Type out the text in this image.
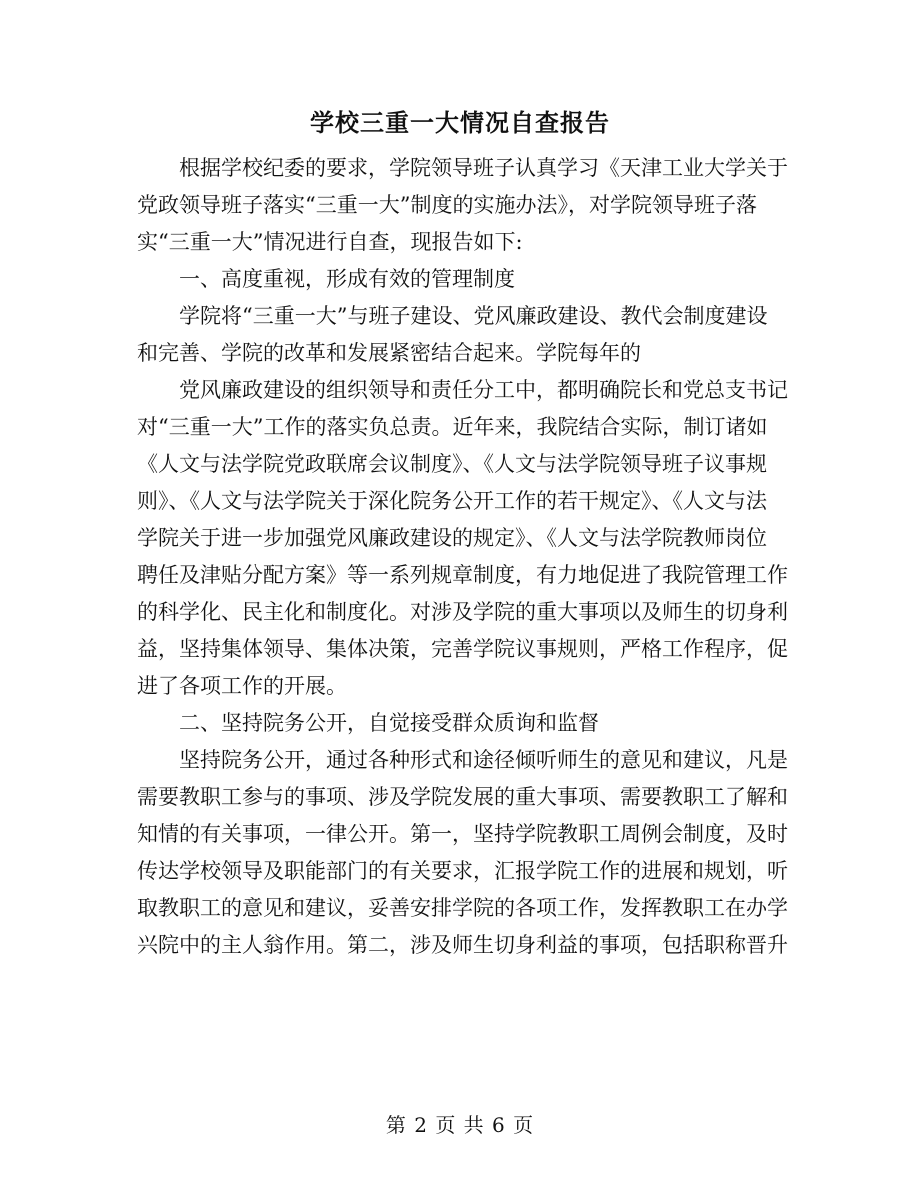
学校三重一大情况自查报告
根据学校纪委的要求，学院领导班子认真学习《天津工业大学关于
党政领导班子落实“三重一大”制度的实施办法》，对学院领导班子落
实“三重一大”情况进行自查，现报告如下:
一、高度重视，形成有效的管理制度
学院将“三重一大”与班子建设、党风廉政建设、教代会制度建设
和完善、学院的改革和发展紧密结合起来。学院每年的
党风廉政建设的组织领导和责任分工中，都明确院长和党总支书记
对“三重一大”工作的落实负总责。近年来，我院结合实际，制订诸如
《人文与法学院党政联席会议制度》、《人文与法学院领导班子议事规
则》、《人文与法学院关于深化院务公开工作的若干规定》、《人文与法
学院关于进一步加强党风廉政建设的规定》、《人文与法学院教师岗位
聘任及津贴分配方案》等一系列规章制度，有力地促进了我院管理工作
的科学化、民主化和制度化。对涉及学院的重大事项以及师生的切身利
益，坚持集体领导、集体决策，完善学院议事规则，严格工作程序，促
进了各项工作的开展。
二、坚持院务公开，自觉接受群众质询和监督
坚持院务公开，通过各种形式和途径倾听师生的意见和建议，凡是
需要教职工参与的事项、涉及学院发展的重大事项、需要教职工了解和
知情的有关事项，一律公开。第一，坚持学院教职工周例会制度，及时
传达学校领导及职能部门的有关要求，汇报学院工作的进展和规划，听
取教职工的意见和建议，妥善安排学院的各项工作，发挥教职工在办学
兴院中的主人翁作用。第二，涉及师生切身利益的事项，包括职称晋升
第 2 页 共 6 页
